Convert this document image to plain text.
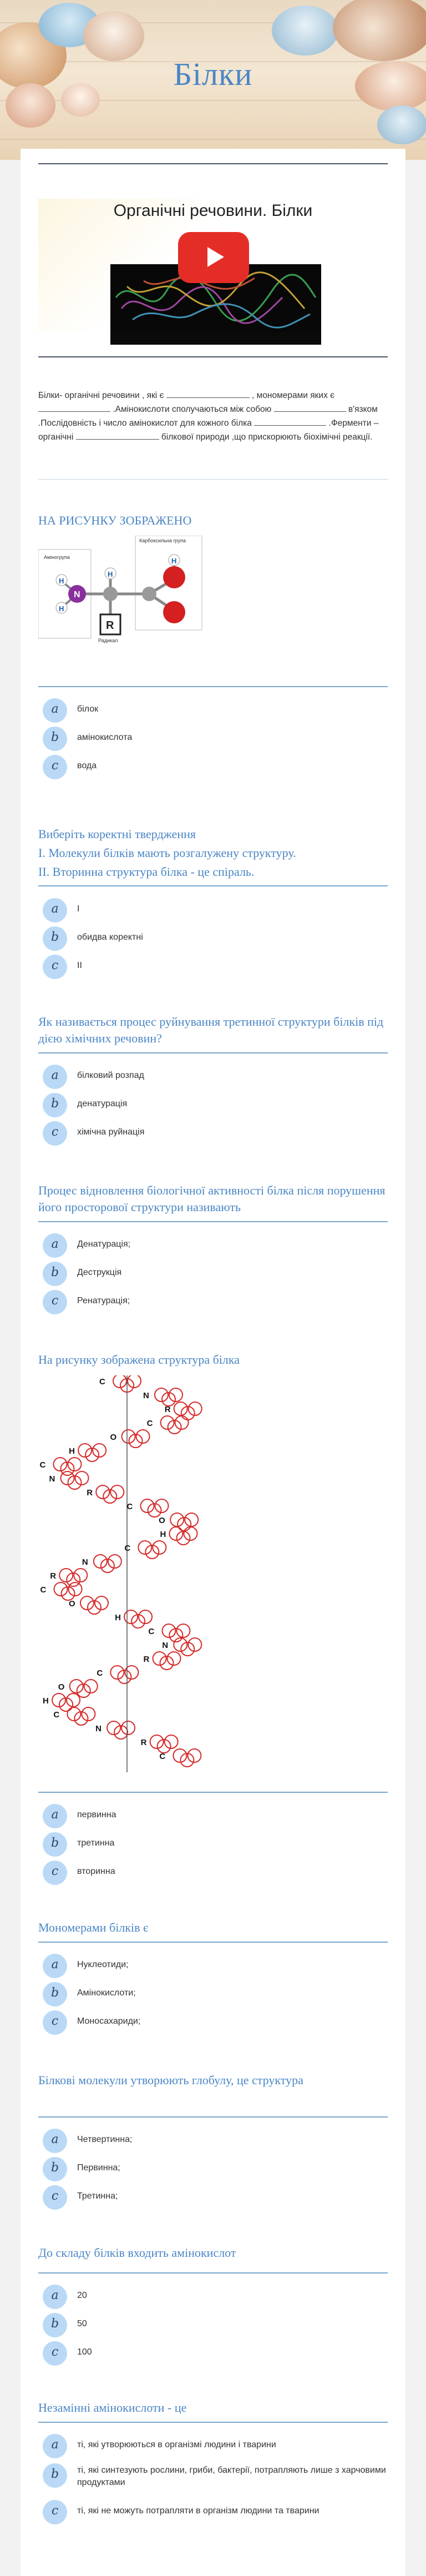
Білки
Органічні речовини. Білки
Білки- органічні речовини , які є	, мономерами яких є  .Амінокислоти сполучаються між собою	в'язком .Послідовність і число амінокислот для кожного білка	.Ферменти – органічні	білкової природи ,що прискорюють біохімічні реакції.
НА РИСУНКУ ЗОБРАЖЕНО
Аміногрупа
Карбоксильна група
N
H
H
H
R
Радикал
H
a	білок
b	амінокислота
c	вода
Виберіть коректні твердження
I. Молекули білків мають розгалужену структуру.
II. Вторинна структура білка - це спіраль.
a	I
b	обидва коректні
c	II
Як називається процес руйнування третинної структури білків під дією хімічних речовин?
a	білковий розпад
b	денатурація
c	хімічна руйнація
Процес відновлення біологічної активності білка після порушення його просторової структури називають
a	Денатурація;
b	Деструкція
c	Ренатурація;
На рисунку зображена структура білка
C
N
R
C
O
H
C
N
R
C
O
H
C
N
R
C
O
H
C
N
R
C
O
H
C
N
R
C
a	первинна
b	третинна
c	вторинна
Мономерами білків є
a	Нуклеотиди;
b	Амінокислоти;
c	Моносахариди;
Білкові молекули утворюють глобулу, це структура
a	Четвертинна;
b	Первинна;
c	Третинна;
До складу білків входить амінокислот
a	20
b	50
c	100
Незамінні амінокислоти - це
a	ті, які утворюються в організмі людини і тварини
b	ті, які синтезують рослини, гриби, бактерії, потрапляють лише з харчовими продуктами
c	ті, які не можуть потрапляти в організм людини та тварини
